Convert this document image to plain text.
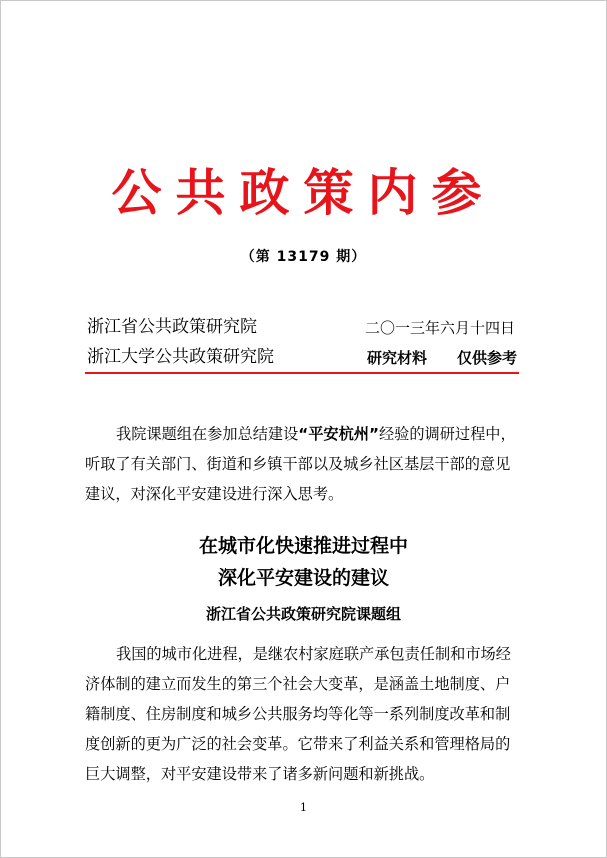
公共政策内参
（第 13179 期）
浙江省公共政策研究院	二〇一三年六月十四日
浙江大学公共政策研究院	研究材料　　仅供参考
我院课题组在参加总结建设“平安杭州”经验的调研过程中，
听取了有关部门、街道和乡镇干部以及城乡社区基层干部的意见
建议，对深化平安建设进行深入思考。
在城市化快速推进过程中
深化平安建设的建议
浙江省公共政策研究院课题组
我国的城市化进程，是继农村家庭联产承包责任制和市场经
济体制的建立而发生的第三个社会大变革，是涵盖土地制度、户
籍制度、住房制度和城乡公共服务均等化等一系列制度改革和制
度创新的更为广泛的社会变革。它带来了利益关系和管理格局的
巨大调整，对平安建设带来了诸多新问题和新挑战。
1
